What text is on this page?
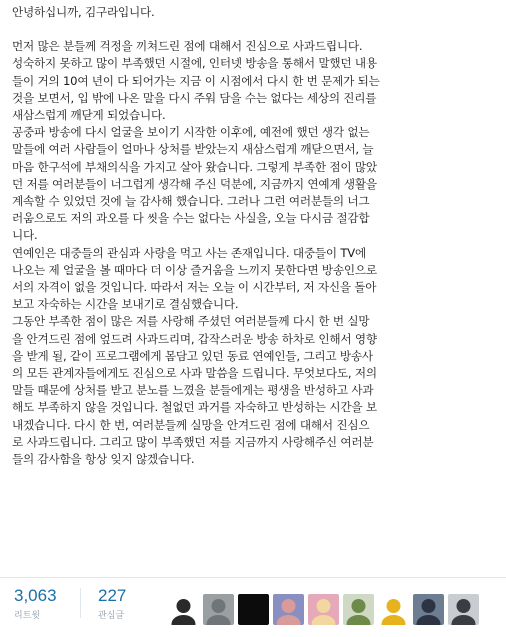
안녕하십니까, 김구라입니다.
먼저 많은 분들께 걱정을 끼쳐드린 점에 대해서 진심으로 사과드립니다.
성숙하지 못하고 많이 부족했던 시절에, 인터넷 방송을 통해서 말했던 내용
들이 거의 10여 년이 다 되어가는 지금 이 시점에서 다시 한 번 문제가 되는
것을 보면서, 입 밖에 나온 말을 다시 주워 담을 수는 없다는 세상의 진리를
새삼스럽게 깨닫게 되었습니다.
공중파 방송에 다시 얼굴을 보이기 시작한 이후에, 예전에 했던 생각 없는
말들에 여러 사람들이 얼마나 상처를 받았는지 새삼스럽게 깨닫으면서, 늘
마음 한구석에 부채의식을 가지고 살아 왔습니다. 그렇게 부족한 점이 많았
던 저를 여러분들이 너그럽게 생각해 주신 덕분에, 지금까지 연예계 생활을
계속할 수 있었던 것에 늘 감사해 했습니다. 그러나 그런 여러분들의 너그
러움으로도 저의 과오를 다 씻을 수는 없다는 사실을, 오늘 다시금 절감합
니다.
연예인은 대중들의 관심과 사랑을 먹고 사는 존재입니다. 대중들이 TV에
나오는 제 얼굴을 볼 때마다 더 이상 즐거움을 느끼지 못한다면 방송인으로
서의 자격이 없을 것입니다. 따라서 저는 오늘 이 시간부터, 저 자신을 돌아
보고 자숙하는 시간을 보내기로 결심했습니다.
그동안 부족한 점이 많은 저를 사랑해 주셨던 여러분들께 다시 한 번 실망
을 안겨드린 점에 엎드려 사과드리며, 갑작스러운 방송 하차로 인해서 영향
을 받게 될, 같이 프로그램에게 몸담고 있던 동료 연예인들, 그리고 방송사
의 모든 관계자들에게도 진심으로 사과 말씀을 드립니다. 무엇보다도, 저의
말들 때문에 상처를 받고 분노를 느꼈을 분들에게는 평생을 반성하고 사과
해도 부족하지 않을 것입니다. 철없던 과거를 자숙하고 반성하는 시간을 보
내겠습니다. 다시 한 번, 여러분들께 실망을 안겨드린 점에 대해서 진심으
로 사과드립니다. 그리고 많이 부족했던 저를 지금까지 사랑해주신 여러분
들의 감사함을 항상 잊지 않겠습니다.
3,063
리트윗
227
관심글
